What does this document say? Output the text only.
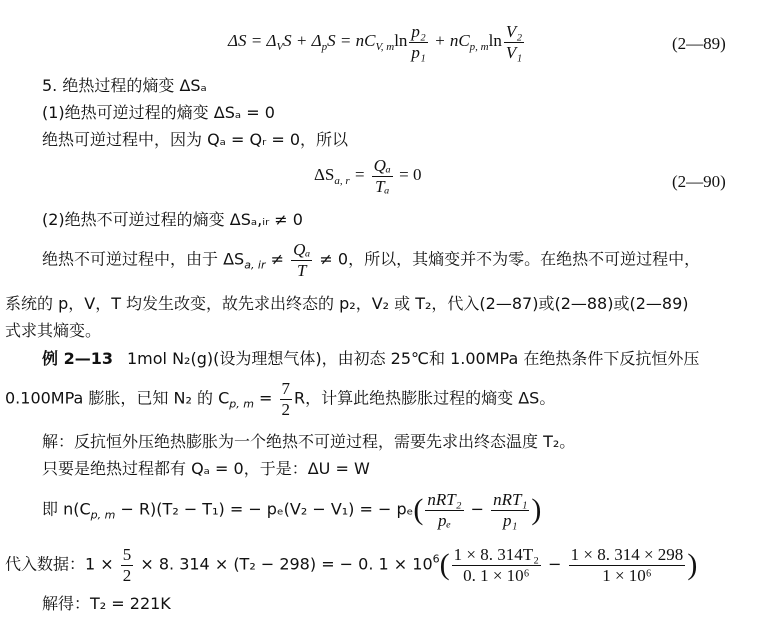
$\Delta S = \Delta_VS + \Delta_pS = nC_{V, m}\ln \frac{\text{p₂}}{\text{p₁}} + nC_{p, m}\ln \frac{\text{V₂}}{\text{V₁}}$	(2—89)
5. 绝热过程的熵变 ΔSₐ
(1)绝热可逆过程的熵变 ΔSₐ = 0
绝热可逆过程中，因为 Qₐ = Qᵣ = 0，所以
$\Delta S_{a, r} = \frac{\text{Qₐ}}{\text{Tₐ}} = 0$	(2—90)
(2)绝热不可逆过程的熵变 ΔSₐ,ᵢᵣ ≠ 0
绝热不可逆过程中，由于 $\Delta S_{a, ir} \ne \frac{\text{Qₐ}}{T} \ne 0$，所以，其熵变并不为零。在绝热不可逆过程中，
系统的 p，V，T 均发生改变，故先求出终态的 p₂，V₂ 或 T₂，代入(2—87)或(2—88)或(2—89)
式求其熵变。
例 2—13 1mol N₂(g)(设为理想气体)，由初态 25℃和 1.00MPa 在绝热条件下反抗恒外压
0.100MPa 膨胀，已知 N₂ 的 $C_{p, m} = \frac{7}{2}$ R，计算此绝热膨胀过程的熵变 ΔS。
解：反抗恒外压绝热膨胀为一个绝热不可逆过程，需要先求出终态温度 T₂。
只要是绝热过程都有 Qₐ = 0，于是：ΔU = W
即 $n(C_{p, m} - R)(T_2 - T_1)$ = − pₑ(V₂ − V₁) = − $p_e( \frac{\text{nRT₂}}{\text{pₑ}} - \frac{\text{nRT₁}}{\text{p₁}}$ )
代入数据：$1 \times \frac{5}{2} \times 8$. 314 × (T₂ − 298) = − 0. $1 \times 10^6( \frac{\text{1 × 8. 314T₂}}{\text{0. 1 × 10⁶}} - \frac{1 \times 8. 314 \times 298}{\text{1 × 10⁶}}$ )
解得：T₂ = 221K
